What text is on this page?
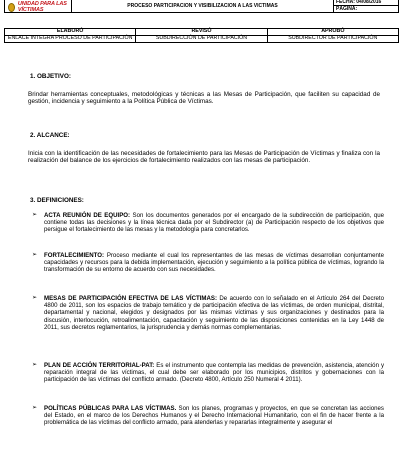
UNIDAD PARA LAS VÍCTIMAS

	PROCESO PARTICIPACION Y VISIBILIZACION A LAS VICTIMAS	FECHA: 04/08/2016
		PÁGINA:
ELABORÓ	REVISÓ	APROBÓ
ENLACE INTEGRA PROCESO DE PARTICIPACIÓN	SUBDIRECCIÓN DE PARTICIPACIÓN	SUBDIRECTOR DE PARTICIPACIÓN
1. OBJETIVO:
Brindar herramientas conceptuales, metodológicas y técnicas a las Mesas de Participación, que faciliten su capacidad de gestión, incidencia y seguimiento a la Política Pública de Víctimas.
2. ALCANCE:
Inicia con la identificación de las necesidades de fortalecimiento para las Mesas de Participación de Víctimas y finaliza con la realización del balance de los ejercicios de fortalecimiento realizados con las mesas de participación.
3. DEFINICIONES:
➢ ACTA REUNIÓN DE EQUIPO: Son los documentos generados por el encargado de la subdirección de participación, que contiene todas las decisiones y la línea técnica dada por el Subdirector (a) de Participación respecto de los objetivos que persigue el fortalecimiento de las mesas y la metodología para concretarlos.
➢ FORTALECIMIENTO: Proceso mediante el cual los representantes de las mesas de víctimas desarrollan conjuntamente capacidades y recursos para la debida implementación, ejecución y seguimiento a la política pública de víctimas, logrando la transformación de su entorno de acuerdo con sus necesidades.
➢ MESAS DE PARTICIPACIÓN EFECTIVA DE LAS VÍCTIMAS: De acuerdo con lo señalado en el Artículo 264 del Decreto 4800 de 2011, son los espacios de trabajo temático y de participación efectiva de las víctimas, de orden municipal, distrital, departamental y nacional, elegidos y designados por las mismas víctimas y sus organizaciones y destinados para la discusión, interlocución, retroalimentación, capacitación y seguimiento de las disposiciones contenidas en la Ley 1448 de 2011, sus decretos reglamentarios, la jurisprudencia y demás normas complementarias.
➢ PLAN DE ACCIÓN TERRITORIAL-PAT: Es el instrumento que contempla las medidas de prevención, asistencia, atención y reparación integral de las víctimas, el cual debe ser elaborado por los municipios, distritos y gobernaciones con la participación de las víctimas del conflicto armado. (Decreto 4800, Artículo 250 Numeral 4 2011).
➢ POLÍTICAS PÚBLICAS PARA LAS VÍCTIMAS. Son los planes, programas y proyectos, en que se concretan las acciones del Estado, en el marco de los Derechos Humanos y el Derecho Internacional Humanitario, con el fin de hacer frente a la problemática de las víctimas del conflicto armado, para atenderlas y repararlas integralmente y asegurar el
